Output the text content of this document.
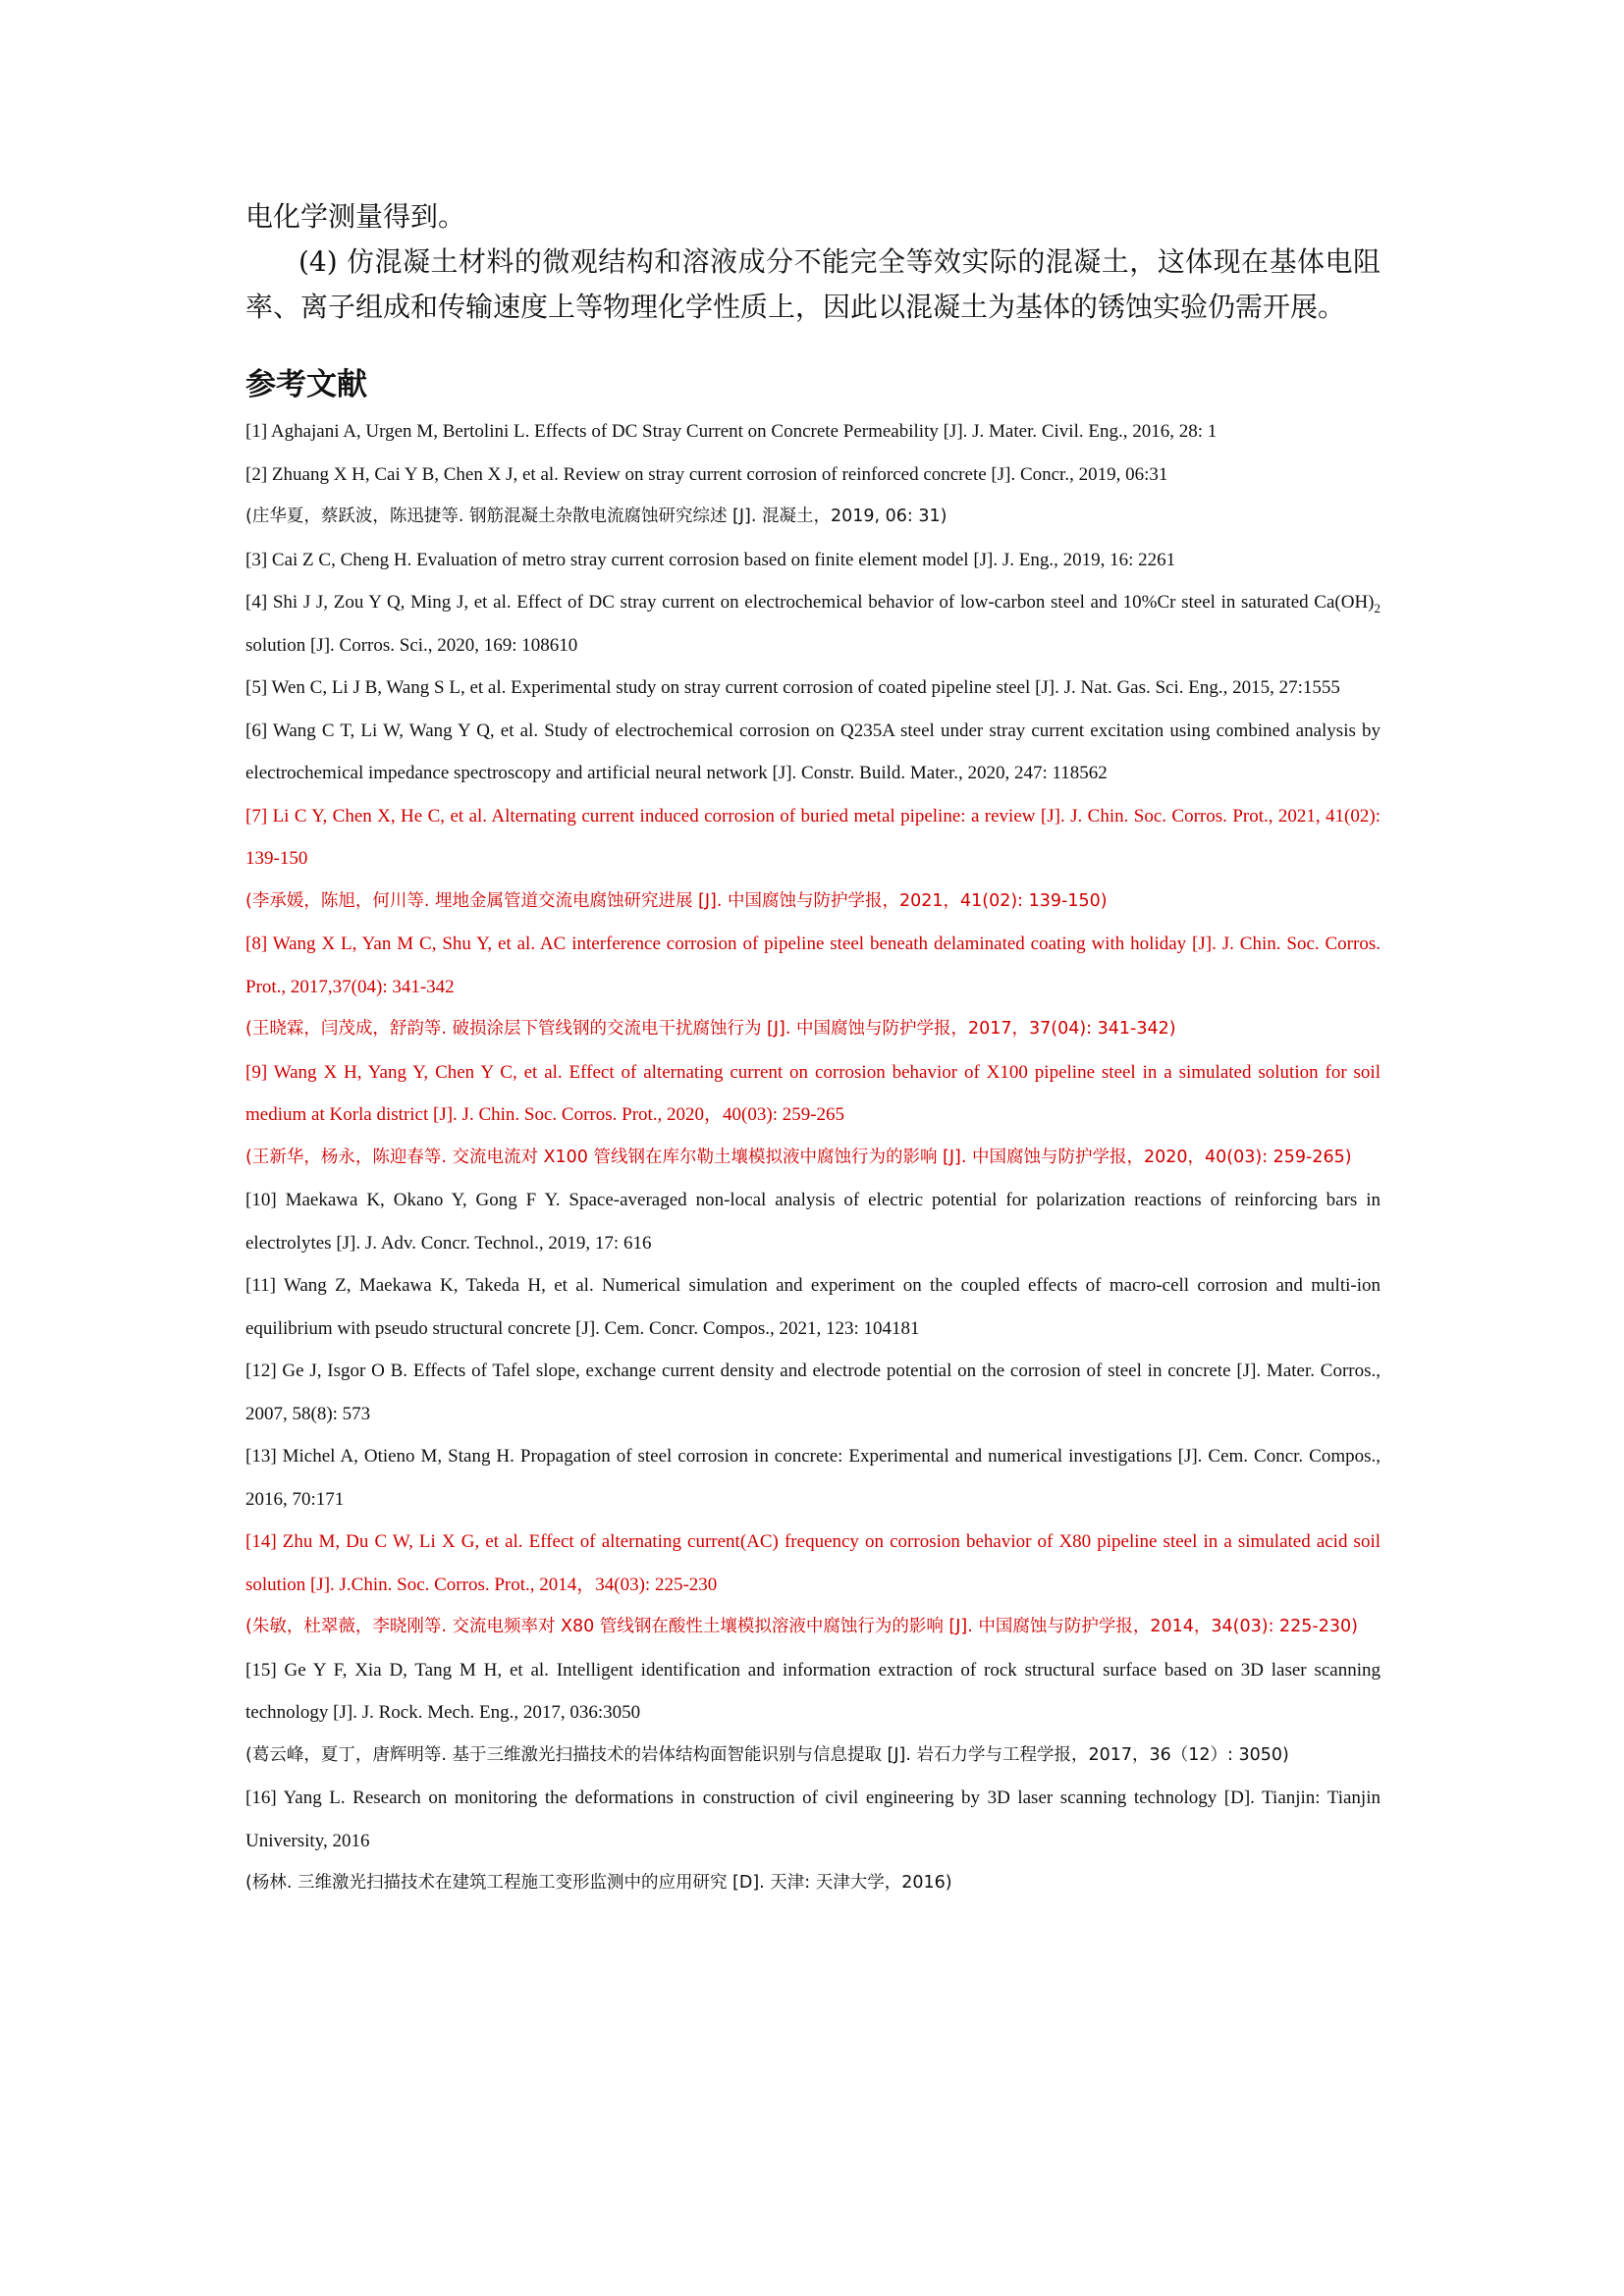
电化学测量得到。
(4) 仿混凝土材料的微观结构和溶液成分不能完全等效实际的混凝土，这体现在基体电阻率、离子组成和传输速度上等物理化学性质上，因此以混凝土为基体的锈蚀实验仍需开展。
参考文献
[1] Aghajani A, Urgen M, Bertolini L. Effects of DC Stray Current on Concrete Permeability [J]. J. Mater. Civil. Eng., 2016, 28: 1
[2] Zhuang X H, Cai Y B, Chen X J, et al. Review on stray current corrosion of reinforced concrete [J]. Concr., 2019, 06:31
(庄华夏，蔡跃波，陈迅捷等. 钢筋混凝土杂散电流腐蚀研究综述 [J]. 混凝土，2019, 06: 31)
[3] Cai Z C, Cheng H. Evaluation of metro stray current corrosion based on finite element model [J]. J. Eng., 2019, 16: 2261
[4] Shi J J, Zou Y Q, Ming J, et al. Effect of DC stray current on electrochemical behavior of low-carbon steel and 10%Cr steel in saturated $Ca(OH)_2$ solution [J]. Corros. Sci., 2020, 169: 108610
[5] Wen C, Li J B, Wang S L, et al. Experimental study on stray current corrosion of coated pipeline steel [J]. J. Nat. Gas. Sci. Eng., 2015, 27:1555
[6] Wang C T, Li W, Wang Y Q, et al. Study of electrochemical corrosion on Q235A steel under stray current excitation using combined analysis by electrochemical impedance spectroscopy and artificial neural network [J]. Constr. Build. Mater., 2020, 247: 118562
[7] Li C Y, Chen X, He C, et al. Alternating current induced corrosion of buried metal pipeline: a review [J]. J. Chin. Soc. Corros. Prot., 2021, 41(02): 139-150
(李承媛，陈旭，何川等. 埋地金属管道交流电腐蚀研究进展 [J]. 中国腐蚀与防护学报，2021，41(02): 139-150)
[8] Wang X L, Yan M C, Shu Y, et al. AC interference corrosion of pipeline steel beneath delaminated coating with holiday [J]. J. Chin. Soc. Corros. Prot., 2017,37(04): 341-342
(王晓霖，闫茂成，舒韵等. 破损涂层下管线钢的交流电干扰腐蚀行为 [J]. 中国腐蚀与防护学报，2017，37(04): 341-342)
[9] Wang X H, Yang Y, Chen Y C, et al. Effect of alternating current on corrosion behavior of X100 pipeline steel in a simulated solution for soil medium at Korla district [J]. J. Chin. Soc. Corros. Prot., 2020，40(03): 259-265
(王新华，杨永，陈迎春等. 交流电流对 X100 管线钢在库尔勒土壤模拟液中腐蚀行为的影响 [J]. 中国腐蚀与防护学报，2020，40(03): 259-265)
[10] Maekawa K, Okano Y, Gong F Y. Space-averaged non-local analysis of electric potential for polarization reactions of reinforcing bars in electrolytes [J]. J. Adv. Concr. Technol., 2019, 17: 616
[11] Wang Z, Maekawa K, Takeda H, et al. Numerical simulation and experiment on the coupled effects of macro-cell corrosion and multi-ion equilibrium with pseudo structural concrete [J]. Cem. Concr. Compos., 2021, 123: 104181
[12] Ge J, Isgor O B. Effects of Tafel slope, exchange current density and electrode potential on the corrosion of steel in concrete [J]. Mater. Corros., 2007, 58(8): 573
[13] Michel A, Otieno M, Stang H. Propagation of steel corrosion in concrete: Experimental and numerical investigations [J]. Cem. Concr. Compos., 2016, 70:171
[14] Zhu M, Du C W, Li X G, et al. Effect of alternating current(AC) frequency on corrosion behavior of X80 pipeline steel in a simulated acid soil solution [J]. J.Chin. Soc. Corros. Prot., 2014，34(03): 225-230
(朱敏，杜翠薇，李晓刚等. 交流电频率对 X80 管线钢在酸性土壤模拟溶液中腐蚀行为的影响 [J]. 中国腐蚀与防护学报，2014，34(03): 225-230)
[15] Ge Y F, Xia D, Tang M H, et al. Intelligent identification and information extraction of rock structural surface based on 3D laser scanning technology [J]. J. Rock. Mech. Eng., 2017, 036:3050
(葛云峰，夏丁，唐辉明等. 基于三维激光扫描技术的岩体结构面智能识别与信息提取 [J]. 岩石力学与工程学报，2017，36（12）: 3050)
[16] Yang L. Research on monitoring the deformations in construction of civil engineering by 3D laser scanning technology [D]. Tianjin: Tianjin University, 2016
(杨林. 三维激光扫描技术在建筑工程施工变形监测中的应用研究 [D]. 天津: 天津大学，2016)
